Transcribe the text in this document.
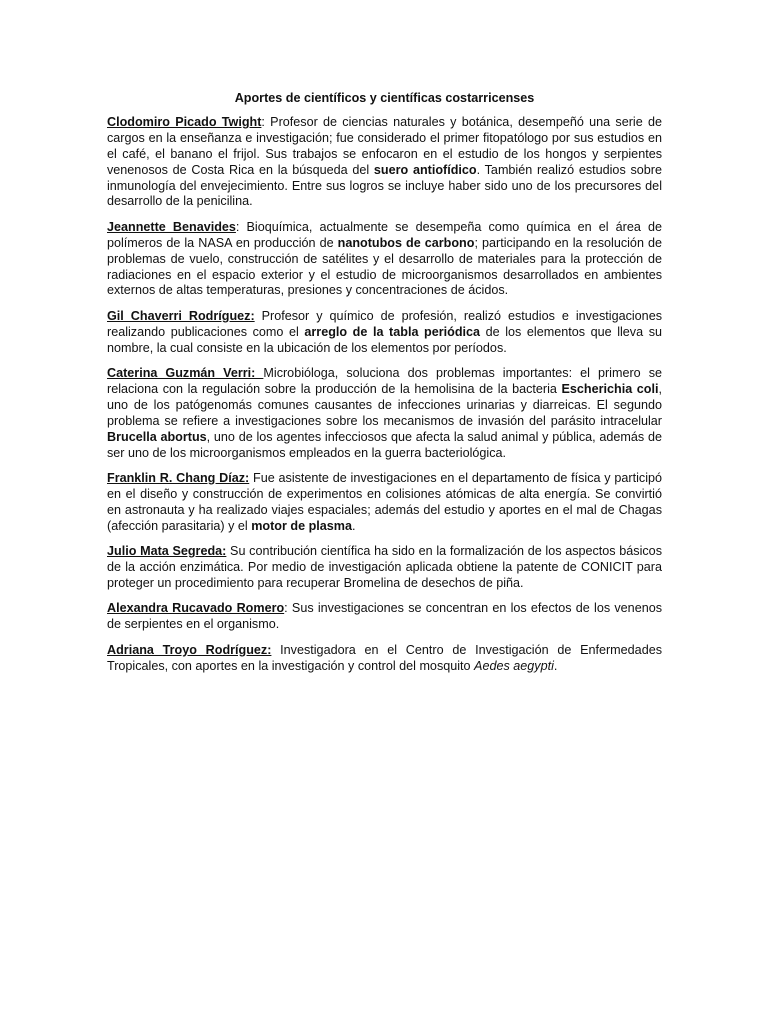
Aportes de científicos y científicas costarricenses

Clodomiro Picado Twight: Profesor de ciencias naturales y botánica, desempeñó una serie de cargos en la enseñanza e investigación; fue considerado el primer fitopatólogo por sus estudios en el café, el banano el frijol. Sus trabajos se enfocaron en el estudio de los hongos y serpientes venenosos de Costa Rica en la búsqueda del suero antiofídico. También realizó estudios sobre inmunología del envejecimiento. Entre sus logros se incluye haber sido uno de los precursores del desarrollo de la penicilina.

Jeannette Benavides: Bioquímica, actualmente se desempeña como química en el área de polímeros de la NASA en producción de nanotubos de carbono; participando en la resolución de problemas de vuelo, construcción de satélites y el desarrollo de materiales para la protección de radiaciones en el espacio exterior y el estudio de microorganismos desarrollados en ambientes externos de altas temperaturas, presiones y concentraciones de ácidos.

Gil Chaverri Rodríguez: Profesor y químico de profesión, realizó estudios e investigaciones realizando publicaciones como el arreglo de la tabla periódica de los elementos que lleva su nombre, la cual consiste en la ubicación de los elementos por períodos.

Caterina Guzmán Verri: Microbióloga, soluciona dos problemas importantes: el primero se relaciona con la regulación sobre la producción de la hemolisina de la bacteria Escherichia coli, uno de los patógenomás comunes causantes de infecciones urinarias y diarreicas. El segundo problema se refiere a investigaciones sobre los mecanismos de invasión del parásito intracelular Brucella abortus, uno de los agentes infecciosos que afecta la salud animal y pública, además de ser uno de los microorganismos empleados en la guerra bacteriológica.

Franklin R. Chang Díaz: Fue asistente de investigaciones en el departamento de física y participó en el diseño y construcción de experimentos en colisiones atómicas de alta energía. Se convirtió en astronauta y ha realizado viajes espaciales; además del estudio y aportes en el mal de Chagas (afección parasitaria) y el motor de plasma.

Julio Mata Segreda: Su contribución científica ha sido en la formalización de los aspectos básicos de la acción enzimática. Por medio de investigación aplicada obtiene la patente de CONICIT para proteger un procedimiento para recuperar Bromelina de desechos de piña.

Alexandra Rucavado Romero: Sus investigaciones se concentran en los efectos de los venenos de serpientes en el organismo.

Adriana Troyo Rodríguez: Investigadora en el Centro de Investigación de Enfermedades Tropicales, con aportes en la investigación y control del mosquito Aedes aegypti.
